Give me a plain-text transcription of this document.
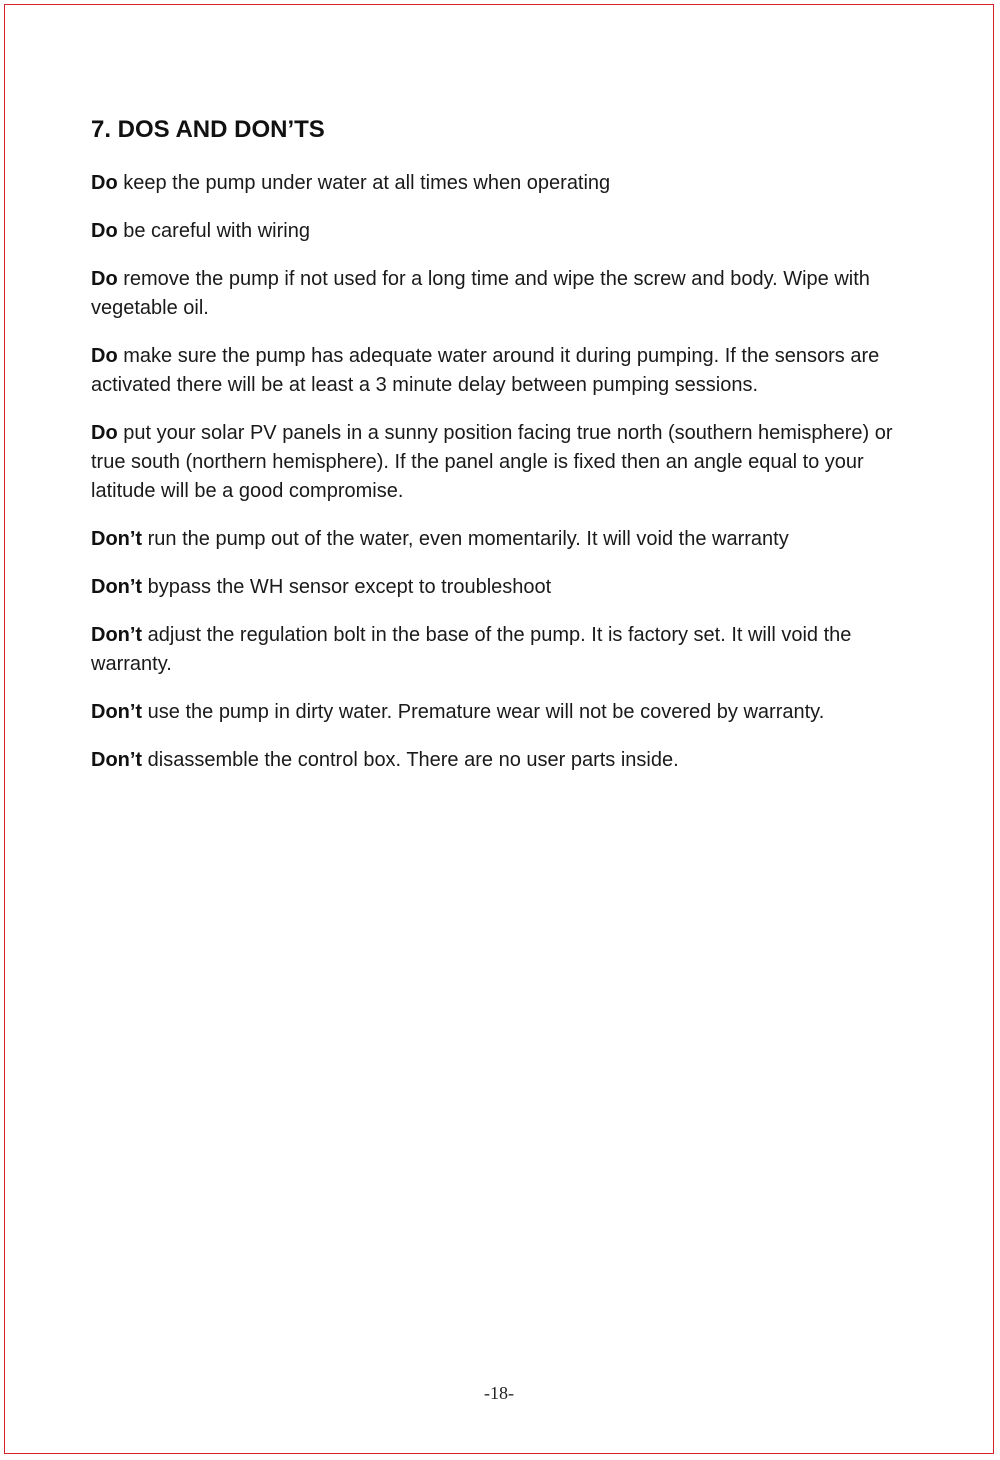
7. DOS AND DON’TS

Do keep the pump under water at all times when operating

Do be careful with wiring

Do remove the pump if not used for a long time and wipe the screw and body. Wipe with vegetable oil.

Do make sure the pump has adequate water around it during pumping. If the sensors are activated there will be at least a 3 minute delay between pumping sessions.

Do put your solar PV panels in a sunny position facing true north (southern hemisphere) or true south (northern hemisphere). If the panel angle is fixed then an angle equal to your latitude will be a good compromise.

Don’t run the pump out of the water, even momentarily. It will void the warranty

Don’t bypass the WH sensor except to troubleshoot

Don’t adjust the regulation bolt in the base of the pump. It is factory set. It will void the warranty.

Don’t use the pump in dirty water. Premature wear will not be covered by warranty.

Don’t disassemble the control box. There are no user parts inside.

-18-
